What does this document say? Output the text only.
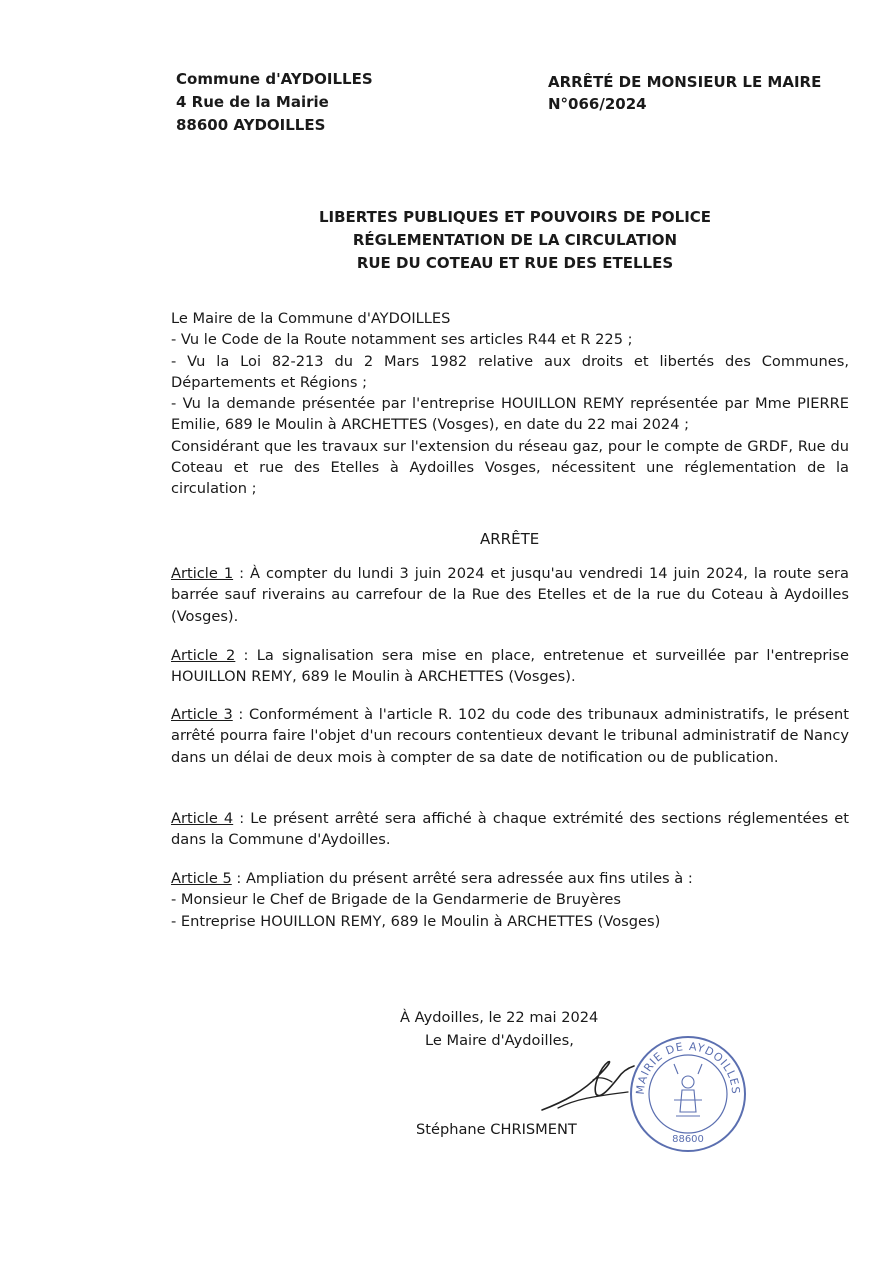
Commune d'AYDOILLES
4 Rue de la Mairie
88600 AYDOILLES
ARRÊTÉ DE MONSIEUR LE MAIRE
N°066/2024
LIBERTES PUBLIQUES ET POUVOIRS DE POLICE
RÉGLEMENTATION DE LA CIRCULATION
RUE DU COTEAU ET RUE DES ETELLES
Le Maire de la Commune d'AYDOILLES
- Vu le Code de la Route notamment ses articles R44 et R 225 ;
- Vu la Loi 82-213 du 2 Mars 1982 relative aux droits et libertés des Communes, Départements et Régions ;
- Vu la demande présentée par l'entreprise HOUILLON REMY représentée par Mme PIERRE Emilie, 689 le Moulin à ARCHETTES (Vosges), en date du 22 mai 2024 ;
Considérant que les travaux sur l'extension du réseau gaz, pour le compte de GRDF, Rue du Coteau et rue des Etelles à Aydoilles Vosges, nécessitent une réglementation de la circulation ;
ARRÊTE
Article 1 : À compter du lundi 3 juin 2024 et jusqu'au vendredi 14 juin 2024, la route sera barrée sauf riverains au carrefour de la Rue des Etelles et de la rue du Coteau à Aydoilles (Vosges).
Article 2 : La signalisation sera mise en place, entretenue et surveillée par l'entreprise HOUILLON REMY, 689 le Moulin à ARCHETTES (Vosges).
Article 3 : Conformément à l'article R. 102 du code des tribunaux administratifs, le présent arrêté pourra faire l'objet d'un recours contentieux devant le tribunal administratif de Nancy dans un délai de deux mois à compter de sa date de notification ou de publication.
Article 4 : Le présent arrêté sera affiché à chaque extrémité des sections réglementées et dans la Commune d'Aydoilles.
Article 5 : Ampliation du présent arrêté sera adressée aux fins utiles à :
- Monsieur le Chef de Brigade de la Gendarmerie de Bruyères
- Entreprise HOUILLON REMY, 689 le Moulin à ARCHETTES (Vosges)
À Aydoilles, le 22 mai 2024
Le Maire d'Aydoilles,
Stéphane CHRISMENT
MAIRIE DE AYDOILLES
88600
